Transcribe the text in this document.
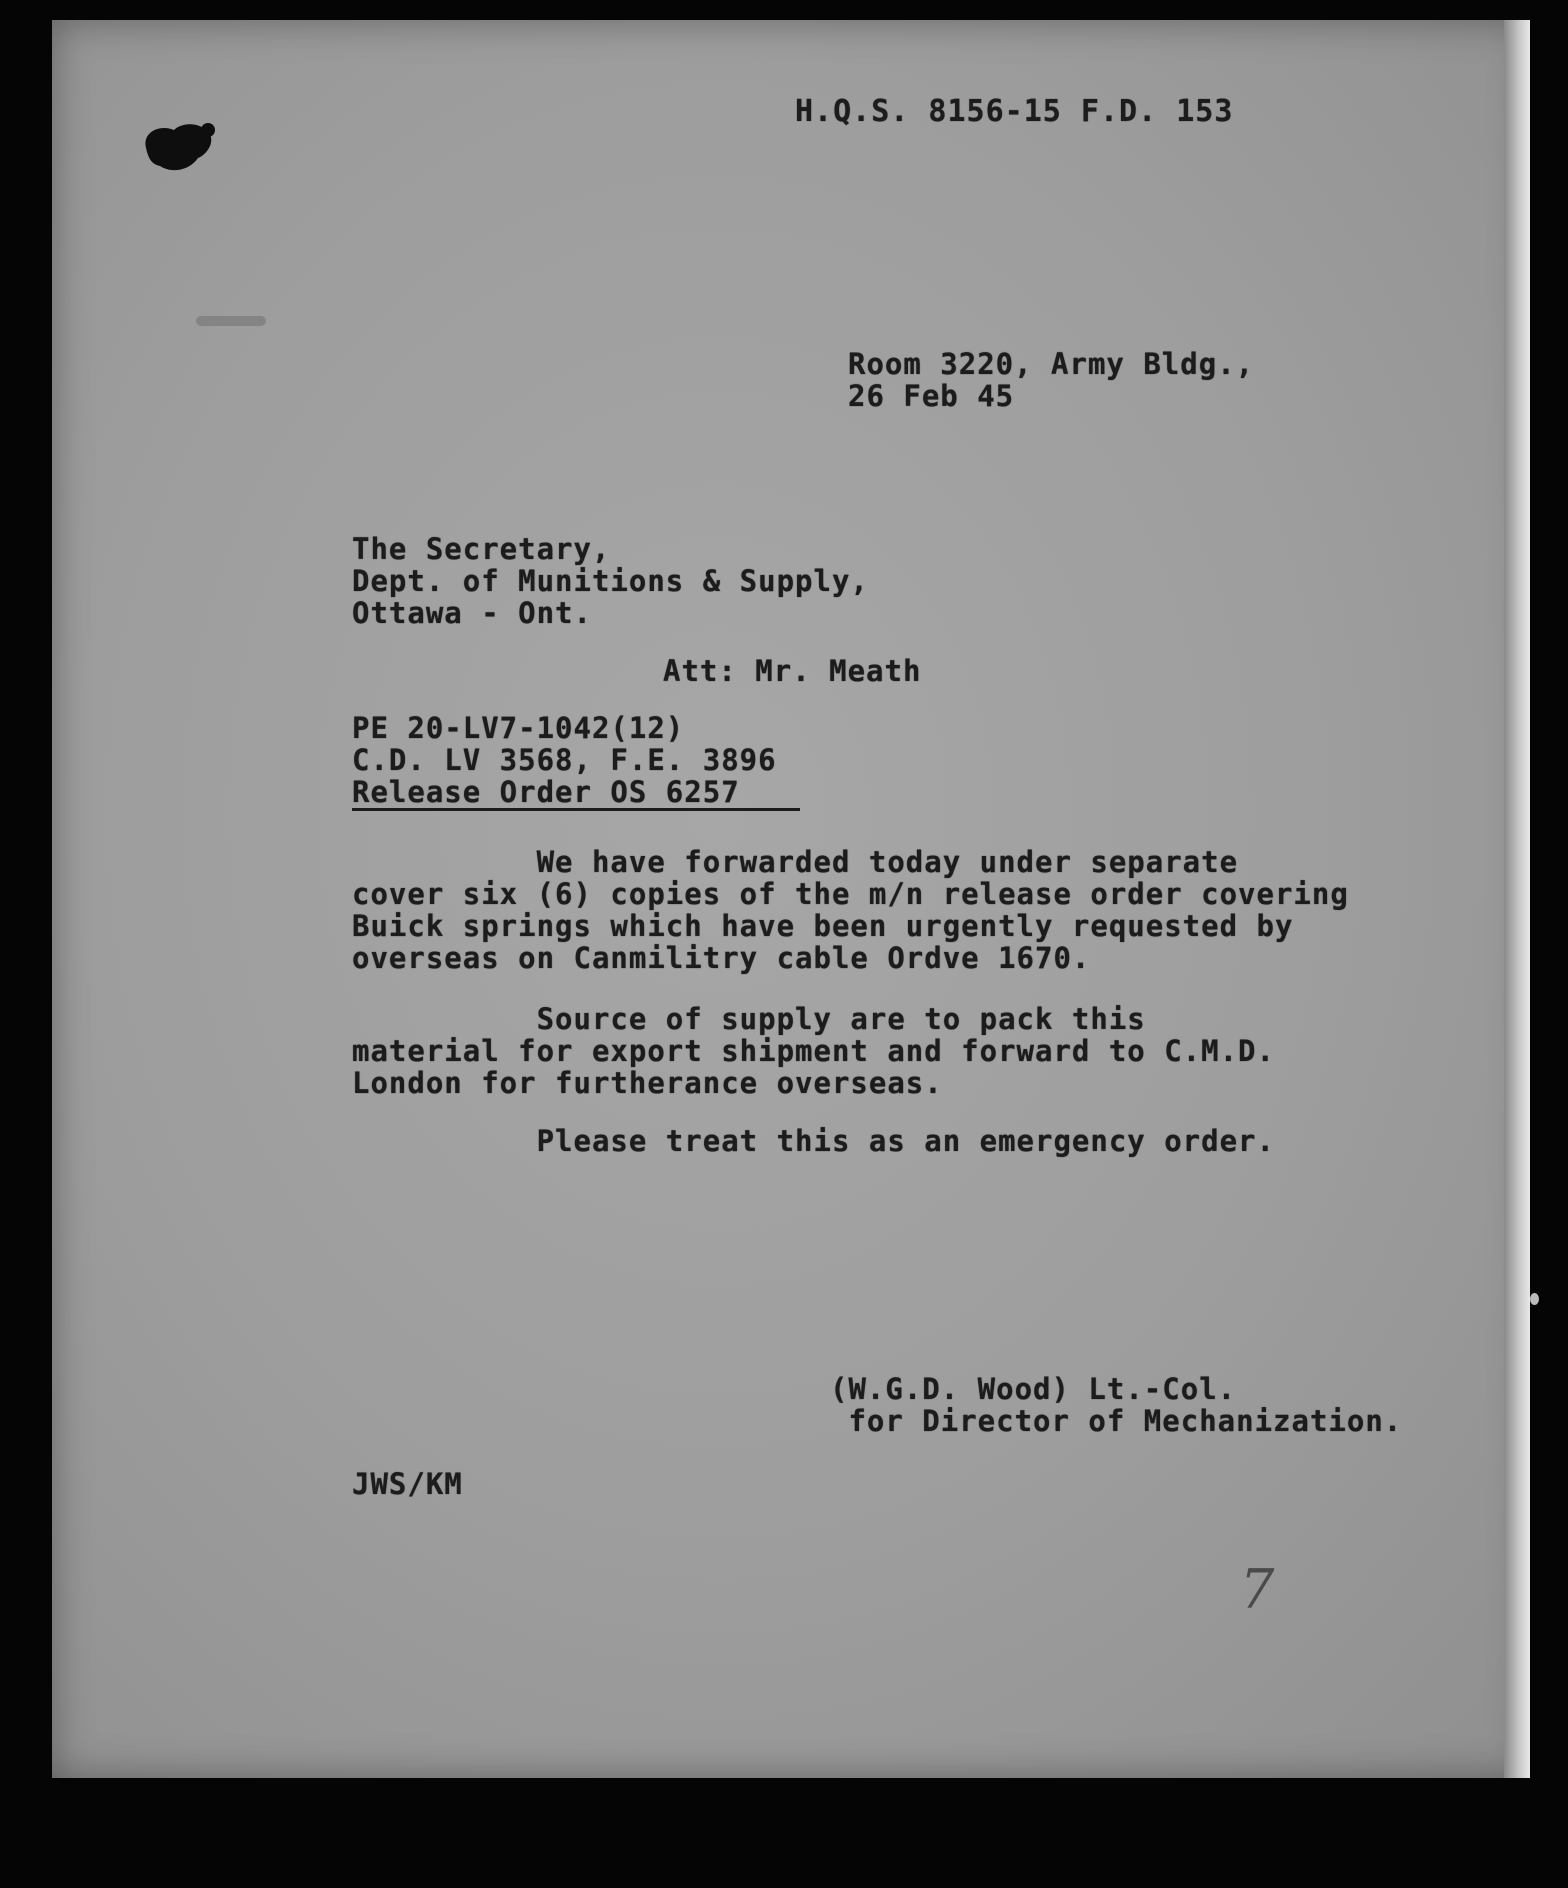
H.Q.S. 8156-15 F.D. 153
Room 3220, Army Bldg.,
26 Feb 45
The Secretary,
Dept. of Munitions & Supply,
Ottawa - Ont.
Att: Mr. Meath
PE 20-LV7-1042(12)
C.D. LV 3568, F.E. 3896
Release Order OS 6257
We have forwarded today under separate
cover six (6) copies of the m/n release order covering
Buick springs which have been urgently requested by
overseas on Canmilitry cable Ordve 1670.
Source of supply are to pack this
material for export shipment and forward to C.M.D.
London for furtherance overseas.
Please treat this as an emergency order.
(W.G.D. Wood) Lt.-Col.
for Director of Mechanization.
JWS/KM
7
